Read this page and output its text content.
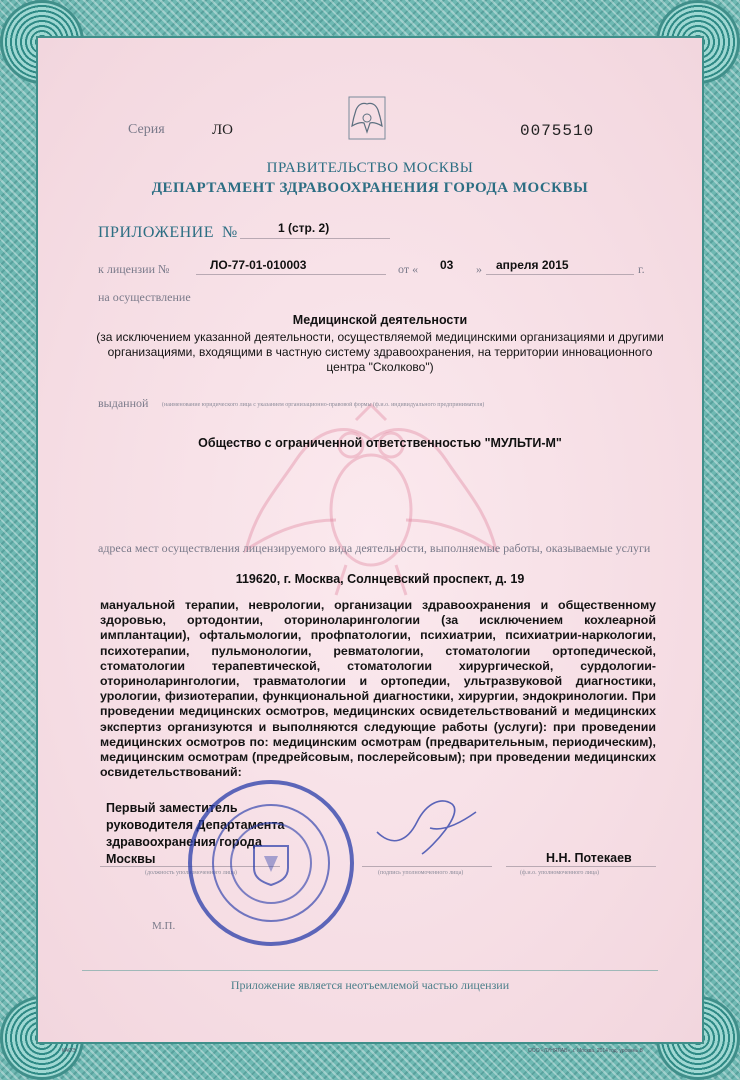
Серия	ЛО	0075510
ПРАВИТЕЛЬСТВО МОСКВЫ
ДЕПАРТАМЕНТ ЗДРАВООХРАНЕНИЯ ГОРОДА МОСКВЫ
ПРИЛОЖЕНИЕ №	1 (стр. 2)
к лицензии №	ЛО-77-01-010003	от « 03 » апреля 2015	г.
на осуществление
Медицинской деятельности
(за исключением указанной деятельности, осуществляемой медицинскими организациями и другими организациями, входящими в частную систему здравоохранения, на территории инновационного центра "Сколково")
выданной (наименование юридического лица с указанием организационно-правовой формы (ф.и.о. индивидуального предпринимателя)
Общество с ограниченной ответственностью "МУЛЬТИ-М"
адреса мест осуществления лицензируемого вида деятельности, выполняемые работы, оказываемые услуги
119620, г. Москва, Солнцевский проспект, д. 19
мануальной терапии, неврологии, организации здравоохранения и общественному здоровью, ортодонтии, оториноларингологии (за исключением кохлеарной имплантации), офтальмологии, профпатологии, психиатрии, психиатрии-наркологии, психотерапии, пульмонологии, ревматологии, стоматологии ортопедической, стоматологии терапевтической, стоматологии хирургической, сурдологии-оториноларингологии, травматологии и ортопедии, ультразвуковой диагностики, урологии, физиотерапии, функциональной диагностики, хирургии, эндокринологии. При проведении медицинских осмотров, медицинских освидетельствований и медицинских экспертиз организуются и выполняются следующие работы (услуги): при проведении медицинских осмотров по: медицинским осмотрам (предварительным, периодическим), медицинским осмотрам (предрейсовым, послерейсовым); при проведении медицинских освидетельствований:

Первый заместитель
руководителя Департамента
здравоохранения города
Москвы
(должность уполномоченного лица)	(подпись уполномоченного лица)
Н.Н. Потекаев
(ф.и.о. уполномоченного лица)
М.П.
Приложение является неотъемлемой частью лицензии
КАОЭ	ООО «ЛУНЯЛАБ», г. Москва, 2014 год, уровень В
